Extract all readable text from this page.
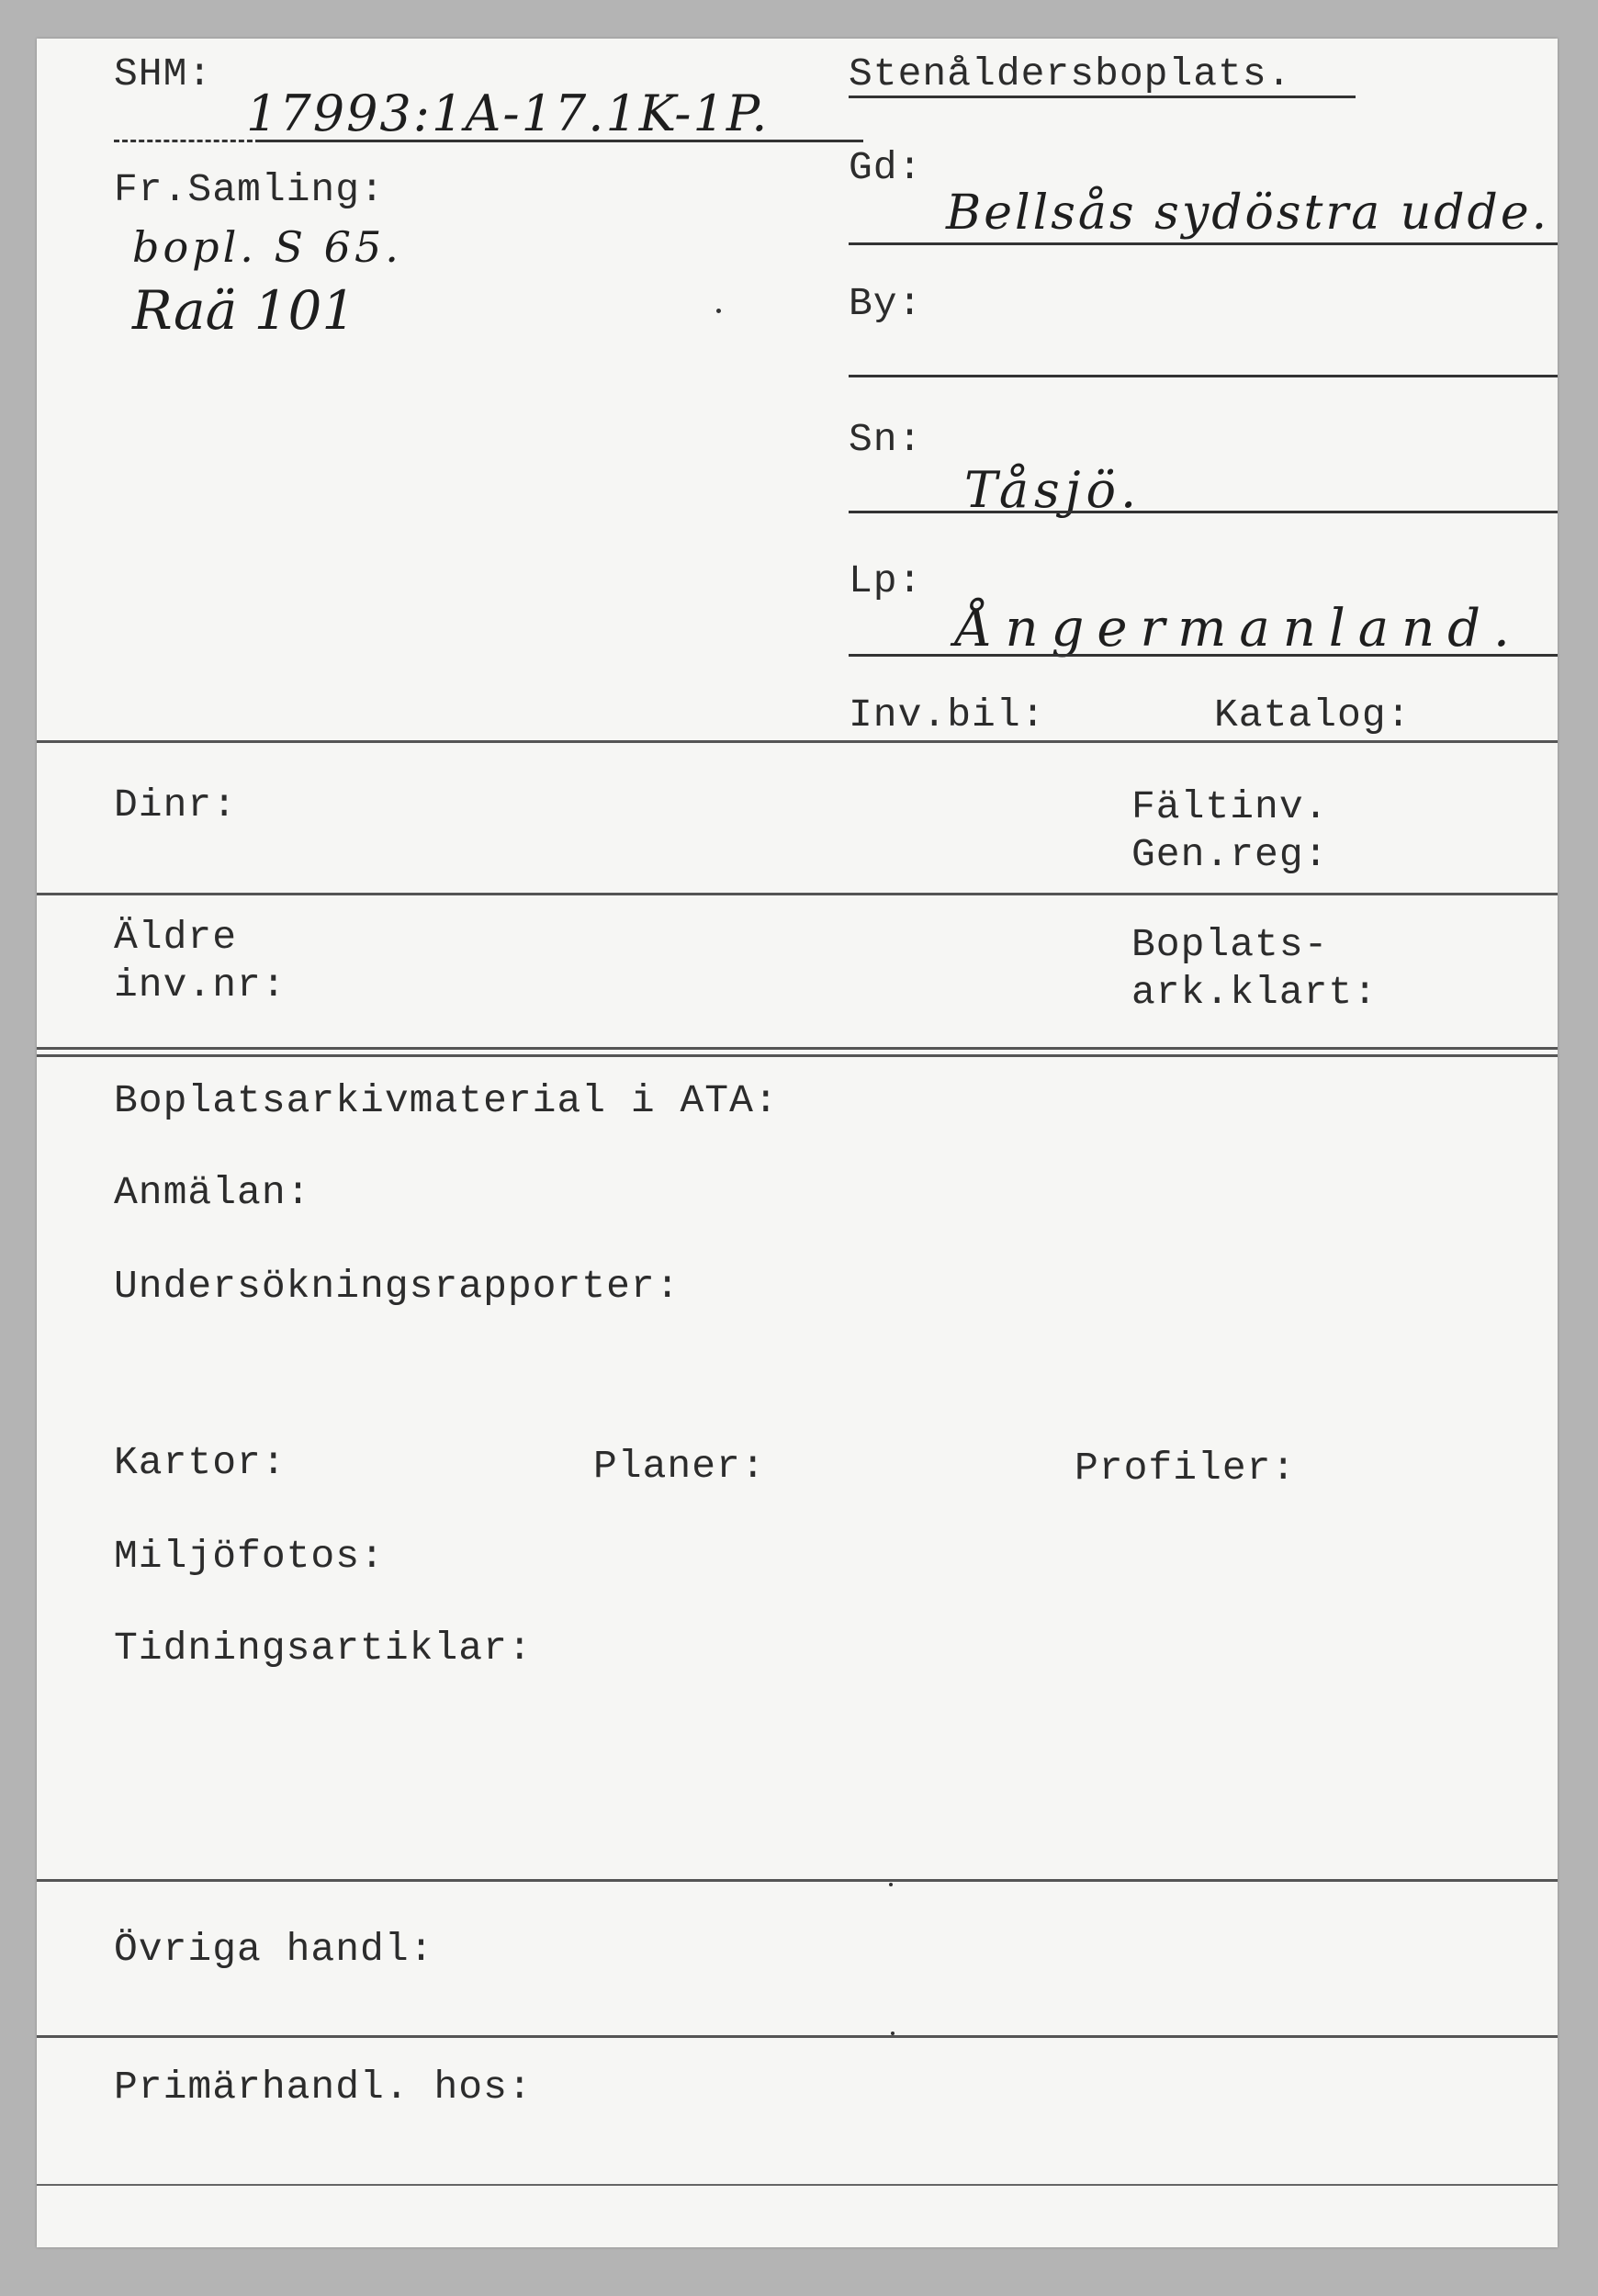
SHM:
17993:1A-17.1K-1P.
Fr.Samling:
bopl. S 65.
Raä 101
Stenåldersboplats.
Gd:
Bellsås sydöstra udde.
By:
Sn:
Tåsjö.
Lp:
Ångermanland.
Inv.bil:	Katalog:
Dinr:	Fältinv.
Gen.reg:
Äldre
inv.nr:
Boplats-
ark.klart:
Boplatsarkivmaterial i ATA:
Anmälan:
Undersökningsrapporter:
Kartor:	Planer:	Profiler:
Miljöfotos:
Tidningsartiklar:
Övriga handl:
Primärhandl. hos:
